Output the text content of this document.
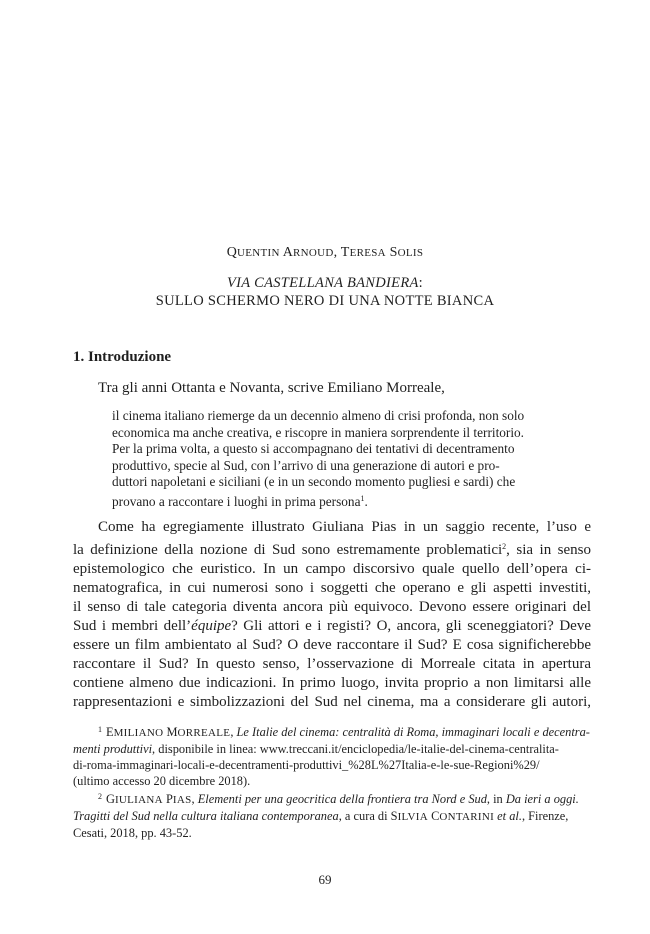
QUENTIN ARNOUD, TERESA SOLIS
VIA CASTELLANA BANDIERA:
SULLO SCHERMO NERO DI UNA NOTTE BIANCA
1. Introduzione
Tra gli anni Ottanta e Novanta, scrive Emiliano Morreale,
il cinema italiano riemerge da un decennio almeno di crisi profonda, non solo
economica ma anche creativa, e riscopre in maniera sorprendente il territorio.
Per la prima volta, a questo si accompagnano dei tentativi di decentramento
produttivo, specie al Sud, con l’arrivo di una generazione di autori e pro-
duttori napoletani e siciliani (e in un secondo momento pugliesi e sardi) che
provano a raccontare i luoghi in prima persona$^1$.
Come ha egregiamente illustrato Giuliana Pias in un saggio recente, l’uso e
la definizione della nozione di Sud sono estremamente problematici$^2$, sia in senso
epistemologico che euristico. In un campo discorsivo quale quello dell’opera ci-
nematografica, in cui numerosi sono i soggetti che operano e gli aspetti investiti,
il senso di tale categoria diventa ancora più equivoco. Devono essere originari del
Sud i membri dell’équipe? Gli attori e i registi? O, ancora, gli sceneggiatori? Deve
essere un film ambientato al Sud? O deve raccontare il Sud? E cosa significherebbe
raccontare il Sud? In questo senso, l’osservazione di Morreale citata in apertura
contiene almeno due indicazioni. In primo luogo, invita proprio a non limitarsi alle
rappresentazioni e simbolizzazioni del Sud nel cinema, ma a considerare gli autori,
$^1$ EMILIANO MORREALE, Le Italie del cinema: centralità di Roma, immaginari locali e decentra-
menti produttivi, disponibile in linea: www.treccani.it/enciclopedia/le-italie-del-cinema-centralita-
di-roma-immaginari-locali-e-decentramenti-produttivi_%28L%27Italia-e-le-sue-Regioni%29/
(ultimo accesso 20 dicembre 2018).
$^2$ GIULIANA PIAS, Elementi per una geocritica della frontiera tra Nord e Sud, in Da ieri a oggi.
Tragitti del Sud nella cultura italiana contemporanea, a cura di SILVIA CONTARINI et al., Firenze,
Cesati, 2018, pp. 43-52.
69
